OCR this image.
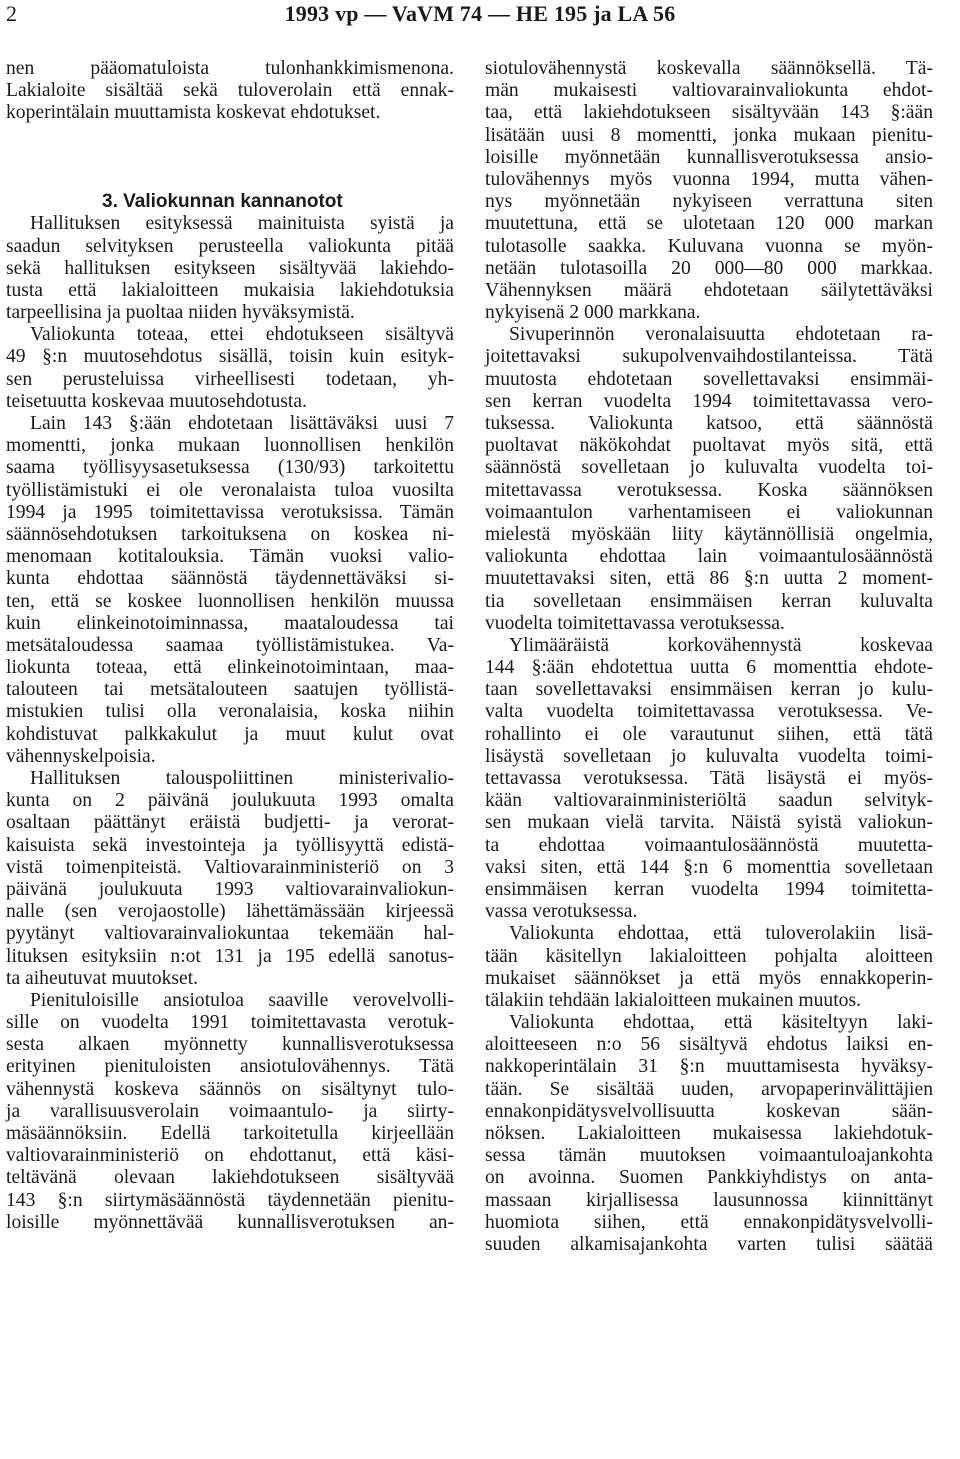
2	1993 vp — VaVM 74 — HE 195 ja LA 56
nen pääomatuloista tulonhankkimismenona.
Lakialoite sisältää sekä tuloverolain että ennak-
koperintälain muuttamista koskevat ehdotukset.
3. Valiokunnan kannanotot
Hallituksen esityksessä mainituista syistä ja
saadun selvityksen perusteella valiokunta pitää
sekä hallituksen esitykseen sisältyvää lakiehdo-
tusta että lakialoitteen mukaisia lakiehdotuksia
tarpeellisina ja puoltaa niiden hyväksymistä.
Valiokunta toteaa, ettei ehdotukseen sisältyvä
49 §:n muutosehdotus sisällä, toisin kuin esityk-
sen perusteluissa virheellisesti todetaan, yh-
teisetuutta koskevaa muutosehdotusta.
Lain 143 §:ään ehdotetaan lisättäväksi uusi 7
momentti, jonka mukaan luonnollisen henkilön
saama työllisyysasetuksessa (130/93) tarkoitettu
työllistämistuki ei ole veronalaista tuloa vuosilta
1994 ja 1995 toimitettavissa verotuksissa. Tämän
säännösehdotuksen tarkoituksena on koskea ni-
menomaan kotitalouksia. Tämän vuoksi valio-
kunta ehdottaa säännöstä täydennettäväksi si-
ten, että se koskee luonnollisen henkilön muussa
kuin elinkeinotoiminnassa, maataloudessa tai
metsätaloudessa saamaa työllistämistukea. Va-
liokunta toteaa, että elinkeinotoimintaan, maa-
talouteen tai metsätalouteen saatujen työllistä-
mistukien tulisi olla veronalaisia, koska niihin
kohdistuvat palkkakulut ja muut kulut ovat
vähennyskelpoisia.
Hallituksen talouspoliittinen ministerivalio-
kunta on 2 päivänä joulukuuta 1993 omalta
osaltaan päättänyt eräistä budjetti- ja verorat-
kaisuista sekä investointeja ja työllisyyttä edistä-
vistä toimenpiteistä. Valtiovarainministeriö on 3
päivänä joulukuuta 1993 valtiovarainvaliokun-
nalle (sen verojaostolle) lähettämässään kirjeessä
pyytänyt valtiovarainvaliokuntaa tekemään hal-
lituksen esityksiin n:ot 131 ja 195 edellä sanotus-
ta aiheutuvat muutokset.
Pienituloisille ansiotuloa saaville verovelvolli-
sille on vuodelta 1991 toimitettavasta verotuk-
sesta alkaen myönnetty kunnallisverotuksessa
erityinen pienituloisten ansiotulovähennys. Tätä
vähennystä koskeva säännös on sisältynyt tulo-
ja varallisuusverolain voimaantulo- ja siirty-
mäsäännöksiin. Edellä tarkoitetulla kirjeellään
valtiovarainministeriö on ehdottanut, että käsi-
teltävänä olevaan lakiehdotukseen sisältyvää
143 §:n siirtymäsäännöstä täydennetään pienitu-
loisille myönnettävää kunnallisverotuksen an-
siotulovähennystä koskevalla säännöksellä. Tä-
män mukaisesti valtiovarainvaliokunta ehdot-
taa, että lakiehdotukseen sisältyvään 143 §:ään
lisätään uusi 8 momentti, jonka mukaan pienitu-
loisille myönnetään kunnallisverotuksessa ansio-
tulovähennys myös vuonna 1994, mutta vähen-
nys myönnetään nykyiseen verrattuna siten
muutettuna, että se ulotetaan 120 000 markan
tulotasolle saakka. Kuluvana vuonna se myön-
netään tulotasoilla 20 000—80 000 markkaa.
Vähennyksen määrä ehdotetaan säilytettäväksi
nykyisenä 2 000 markkana.
Sivuperinnön veronalaisuutta ehdotetaan ra-
joitettavaksi sukupolvenvaihdostilanteissa. Tätä
muutosta ehdotetaan sovellettavaksi ensimmäi-
sen kerran vuodelta 1994 toimitettavassa vero-
tuksessa. Valiokunta katsoo, että säännöstä
puoltavat näkökohdat puoltavat myös sitä, että
säännöstä sovelletaan jo kuluvalta vuodelta toi-
mitettavassa verotuksessa. Koska säännöksen
voimaantulon varhentamiseen ei valiokunnan
mielestä myöskään liity käytännöllisiä ongelmia,
valiokunta ehdottaa lain voimaantulosäännöstä
muutettavaksi siten, että 86 §:n uutta 2 moment-
tia sovelletaan ensimmäisen kerran kuluvalta
vuodelta toimitettavassa verotuksessa.
Ylimääräistä korkovähennystä koskevaa
144 §:ään ehdotettua uutta 6 momenttia ehdote-
taan sovellettavaksi ensimmäisen kerran jo kulu-
valta vuodelta toimitettavassa verotuksessa. Ve-
rohallinto ei ole varautunut siihen, että tätä
lisäystä sovelletaan jo kuluvalta vuodelta toimi-
tettavassa verotuksessa. Tätä lisäystä ei myös-
kään valtiovarainministeriöltä saadun selvityk-
sen mukaan vielä tarvita. Näistä syistä valiokun-
ta ehdottaa voimaantulosäännöstä muutetta-
vaksi siten, että 144 §:n 6 momenttia sovelletaan
ensimmäisen kerran vuodelta 1994 toimitetta-
vassa verotuksessa.
Valiokunta ehdottaa, että tuloverolakiin lisä-
tään käsitellyn lakialoitteen pohjalta aloitteen
mukaiset säännökset ja että myös ennakkoperin-
tälakiin tehdään lakialoitteen mukainen muutos.
Valiokunta ehdottaa, että käsiteltyyn laki-
aloitteeseen n:o 56 sisältyvä ehdotus laiksi en-
nakkoperintälain 31 §:n muuttamisesta hyväksy-
tään. Se sisältää uuden, arvopaperinvälittäjien
ennakonpidätysvelvollisuutta koskevan sään-
nöksen. Lakialoitteen mukaisessa lakiehdotuk-
sessa tämän muutoksen voimaantuloajankohta
on avoinna. Suomen Pankkiyhdistys on anta-
massaan kirjallisessa lausunnossa kiinnittänyt
huomiota siihen, että ennakonpidätysvelvolli-
suuden alkamisajankohta varten tulisi säätää
